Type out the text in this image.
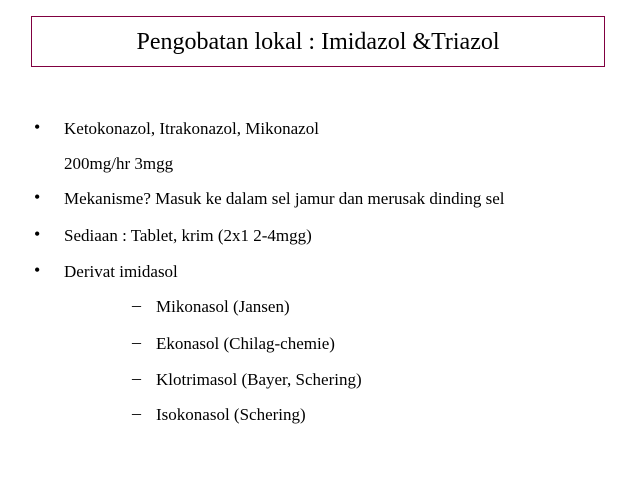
Pengobatan lokal : Imidazol &Triazol
• Ketokonazol, Itrakonazol, Mikonazol
200mg/hr 3mgg
• Mekanisme? Masuk ke dalam sel jamur dan merusak dinding sel
• Sediaan : Tablet, krim (2x1 2-4mgg)
• Derivat imidasol
– Mikonasol (Jansen)
– Ekonasol (Chilag-chemie)
– Klotrimasol (Bayer, Schering)
– Isokonasol (Schering)
